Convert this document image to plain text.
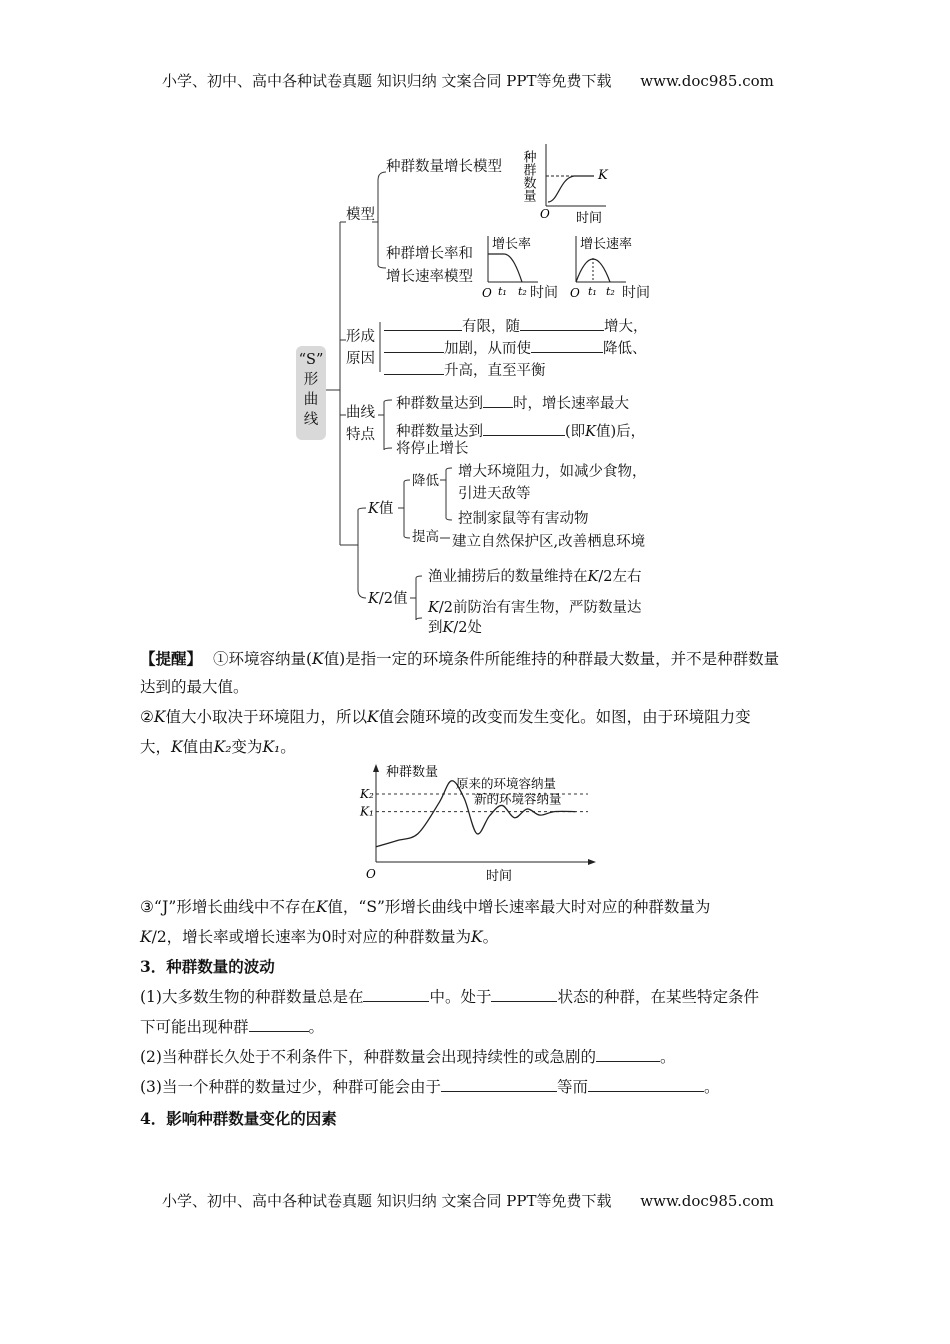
小学、初中、高中各种试卷真题 知识归纳 文案合同 PPT等免费下载 www.doc985.com
“S”
形
曲
线
模型
种群数量增长模型
种群增长率和
增长速率模型
种群数量	K
O 时间
增长率
O t₁ t₂ 时间
增长速率
O t₁ t₂ 时间
形成
原因
有限，随	增大，
加剧，从而使	降低、
升高，直至平衡
曲线
特点
种群数量达到 时，增长速率最大
种群数量达到	(即K值)后，
将停止增长
K值
降低
提高
增大环境阻力，如减少食物，
引进天敌等
控制家鼠等有害动物
建立自然保护区,改善栖息环境
K/2值
渔业捕捞后的数量维持在K/2左右
K/2前防治有害生物，严防数量达
到K/2处
【提醒】 ①环境容纳量(K值)是指一定的环境条件所能维持的种群最大数量，并不是种群数量
达到的最大值。
②K值大小取决于环境阻力，所以K值会随环境的改变而发生变化。如图，由于环境阻力变
大，K值由K₂变为K₁。
种群数量
K₂
K₁
原来的环境容纳量
新的环境容纳量
O	时间
③“J”形增长曲线中不存在K值，“S”形增长曲线中增长速率最大时对应的种群数量为
K/2，增长率或增长速率为0时对应的种群数量为K。
3．种群数量的波动
(1)大多数生物的种群数量总是在	中。处于	状态的种群，在某些特定条件
下可能出现种群	。
(2)当种群长久处于不利条件下，种群数量会出现持续性的或急剧的	。
(3)当一个种群的数量过少，种群可能会由于	等而	。
4．影响种群数量变化的因素
小学、初中、高中各种试卷真题 知识归纳 文案合同 PPT等免费下载 www.doc985.com
